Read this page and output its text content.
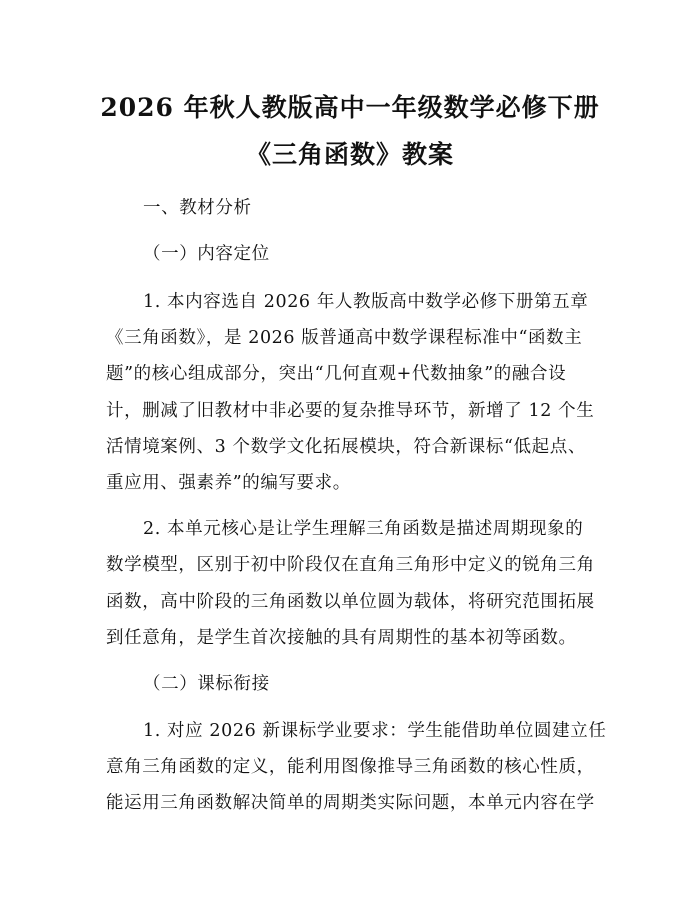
2026 年秋人教版高中一年级数学必修下册
《三角函数》教案
一、教材分析
（一）内容定位
1. 本内容选自 2026 年人教版高中数学必修下册第五章
《三角函数》，是 2026 版普通高中数学课程标准中“函数主
题”的核心组成部分，突出“几何直观+代数抽象”的融合设
计，删减了旧教材中非必要的复杂推导环节，新增了 12 个生
活情境案例、3 个数学文化拓展模块，符合新课标“低起点、
重应用、强素养”的编写要求。
2. 本单元核心是让学生理解三角函数是描述周期现象的
数学模型，区别于初中阶段仅在直角三角形中定义的锐角三角
函数，高中阶段的三角函数以单位圆为载体，将研究范围拓展
到任意角，是学生首次接触的具有周期性的基本初等函数。
（二）课标衔接
1. 对应 2026 新课标学业要求：学生能借助单位圆建立任
意角三角函数的定义，能利用图像推导三角函数的核心性质，
能运用三角函数解决简单的周期类实际问题，本单元内容在学
